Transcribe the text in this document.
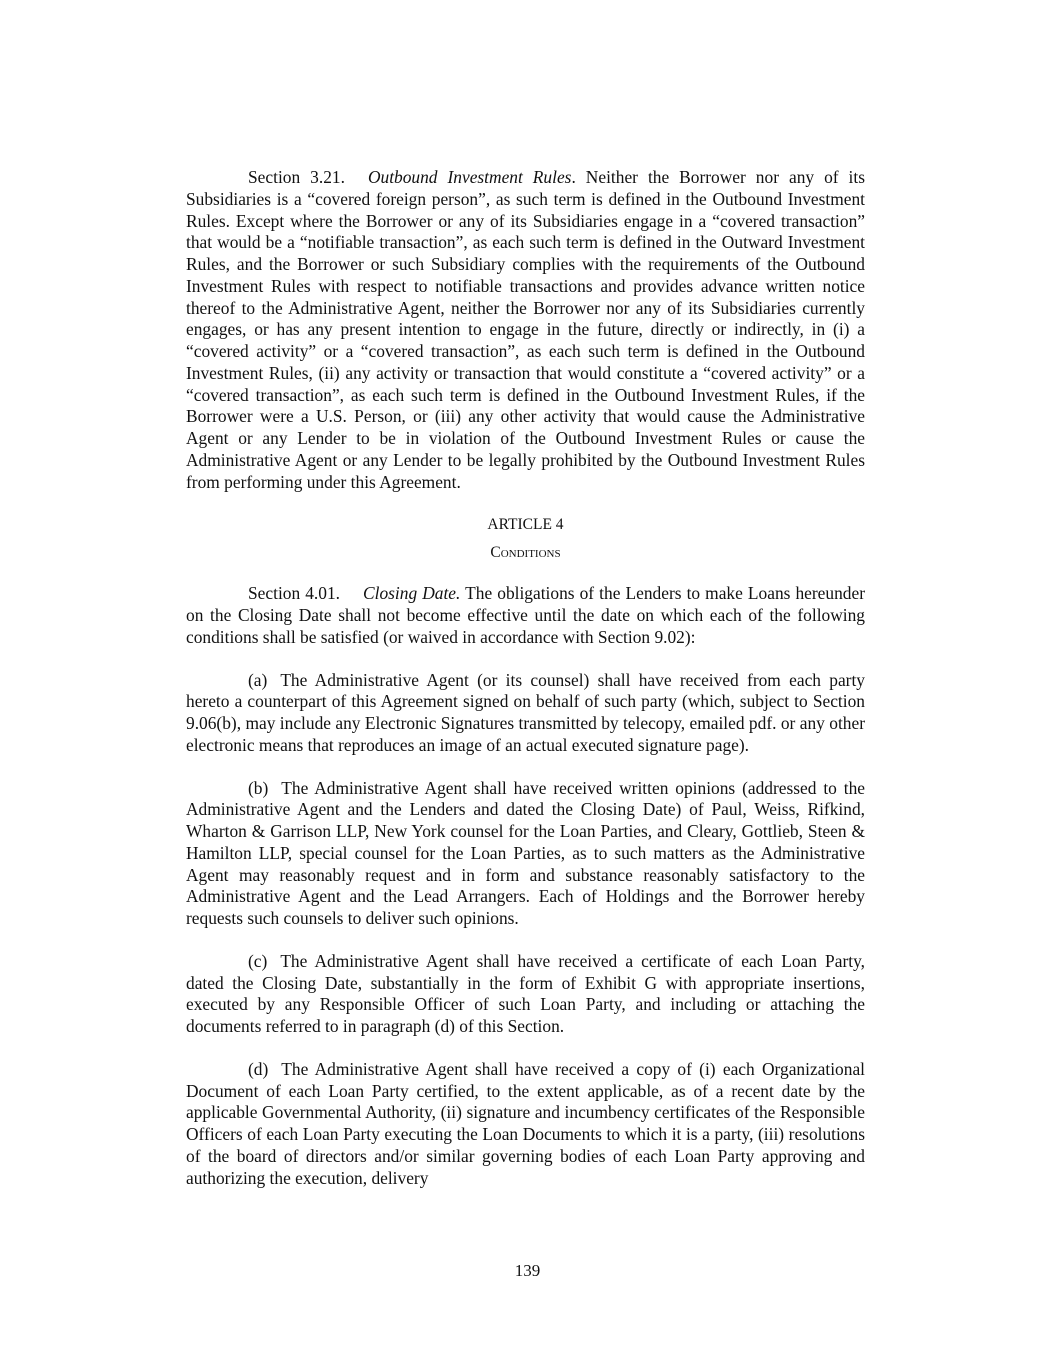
Section 3.21. Outbound Investment Rules. Neither the Borrower nor any of its Subsidiaries is a “covered foreign person”, as such term is defined in the Outbound Investment Rules. Except where the Borrower or any of its Subsidiaries engage in a “covered transaction” that would be a “notifiable transaction”, as each such term is defined in the Outward Investment Rules, and the Borrower or such Subsidiary complies with the requirements of the Outbound Investment Rules with respect to notifiable transactions and provides advance written notice thereof to the Administrative Agent, neither the Borrower nor any of its Subsidiaries currently engages, or has any present intention to engage in the future, directly or indirectly, in (i) a “covered activity” or a “covered transaction”, as each such term is defined in the Outbound Investment Rules, (ii) any activity or transaction that would constitute a “covered activity” or a “covered transaction”, as each such term is defined in the Outbound Investment Rules, if the Borrower were a U.S. Person, or (iii) any other activity that would cause the Administrative Agent or any Lender to be in violation of the Outbound Investment Rules or cause the Administrative Agent or any Lender to be legally prohibited by the Outbound Investment Rules from performing under this Agreement.

ARTICLE 4

Conditions

Section 4.01. Closing Date. The obligations of the Lenders to make Loans hereunder on the Closing Date shall not become effective until the date on which each of the following conditions shall be satisfied (or waived in accordance with Section 9.02):

(a) The Administrative Agent (or its counsel) shall have received from each party hereto a counterpart of this Agreement signed on behalf of such party (which, subject to Section 9.06(b), may include any Electronic Signatures transmitted by telecopy, emailed pdf. or any other electronic means that reproduces an image of an actual executed signature page).

(b) The Administrative Agent shall have received written opinions (addressed to the Administrative Agent and the Lenders and dated the Closing Date) of Paul, Weiss, Rifkind, Wharton & Garrison LLP, New York counsel for the Loan Parties, and Cleary, Gottlieb, Steen & Hamilton LLP, special counsel for the Loan Parties, as to such matters as the Administrative Agent may reasonably request and in form and substance reasonably satisfactory to the Administrative Agent and the Lead Arrangers. Each of Holdings and the Borrower hereby requests such counsels to deliver such opinions.

(c) The Administrative Agent shall have received a certificate of each Loan Party, dated the Closing Date, substantially in the form of Exhibit G with appropriate insertions, executed by any Responsible Officer of such Loan Party, and including or attaching the documents referred to in paragraph (d) of this Section.

(d) The Administrative Agent shall have received a copy of (i) each Organizational Document of each Loan Party certified, to the extent applicable, as of a recent date by the applicable Governmental Authority, (ii) signature and incumbency certificates of the Responsible Officers of each Loan Party executing the Loan Documents to which it is a party, (iii) resolutions of the board of directors and/or similar governing bodies of each Loan Party approving and authorizing the execution, delivery

139
